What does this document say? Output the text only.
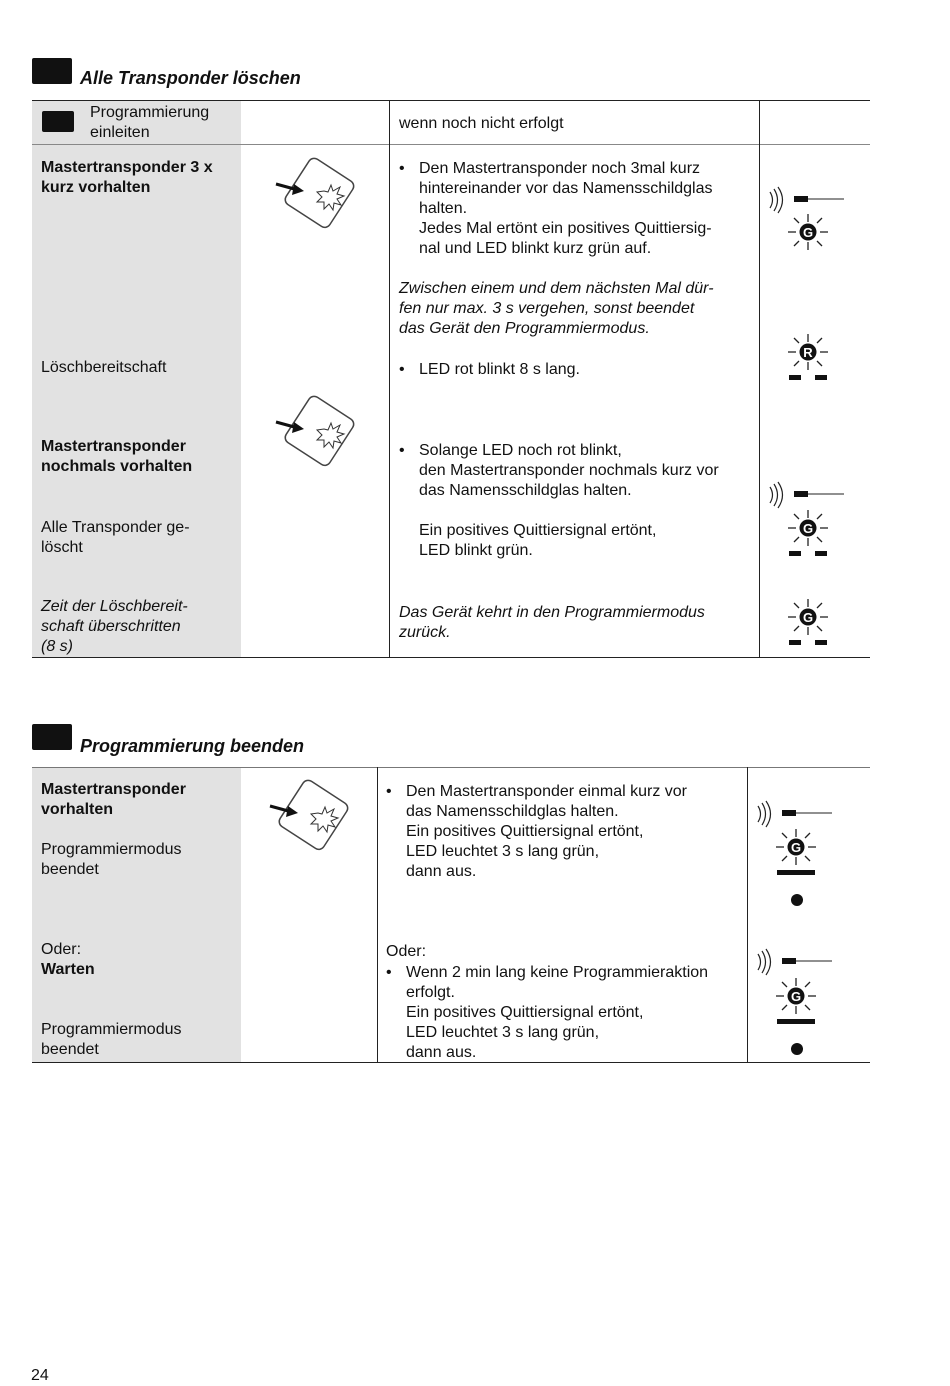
Alle Transponder löschen
Programmierung
einleiten
wenn noch nicht erfolgt
Mastertransponder 3 x
kurz vorhalten
• Den Mastertransponder noch 3mal kurz
hintereinander vor das Namensschildglas
halten.
Jedes Mal ertönt ein positives Quittiersig-
nal und LED blinkt kurz grün auf.
Zwischen einem und dem nächsten Mal dür-
fen nur max. 3 s vergehen, sonst beendet
das Gerät den Programmiermodus.
G
Löschbereitschaft	• LED rot blinkt 8 s lang.
R
Mastertransponder
nochmals vorhalten
• Solange LED noch rot blinkt,
den Mastertransponder nochmals kurz vor
das Namensschildglas halten.
G
Alle Transponder ge-
löscht
Ein positives Quittiersignal ertönt,
LED blinkt grün.
Zeit der Löschbereit-
schaft überschritten
(8 s)
Das Gerät kehrt in den Programmiermodus
zurück.
G
Programmierung beenden
Mastertransponder
vorhalten
Programmiermodus
beendet
• Den Mastertransponder einmal kurz vor
das Namensschildglas halten.
Ein positives Quittiersignal ertönt,
LED leuchtet 3 s lang grün,
dann aus.
G
Oder:
Warten
Programmiermodus
beendet
Oder:
• Wenn 2 min lang keine Programmieraktion
erfolgt.
Ein positives Quittiersignal ertönt,
LED leuchtet 3 s lang grün,
dann aus.
G
24
